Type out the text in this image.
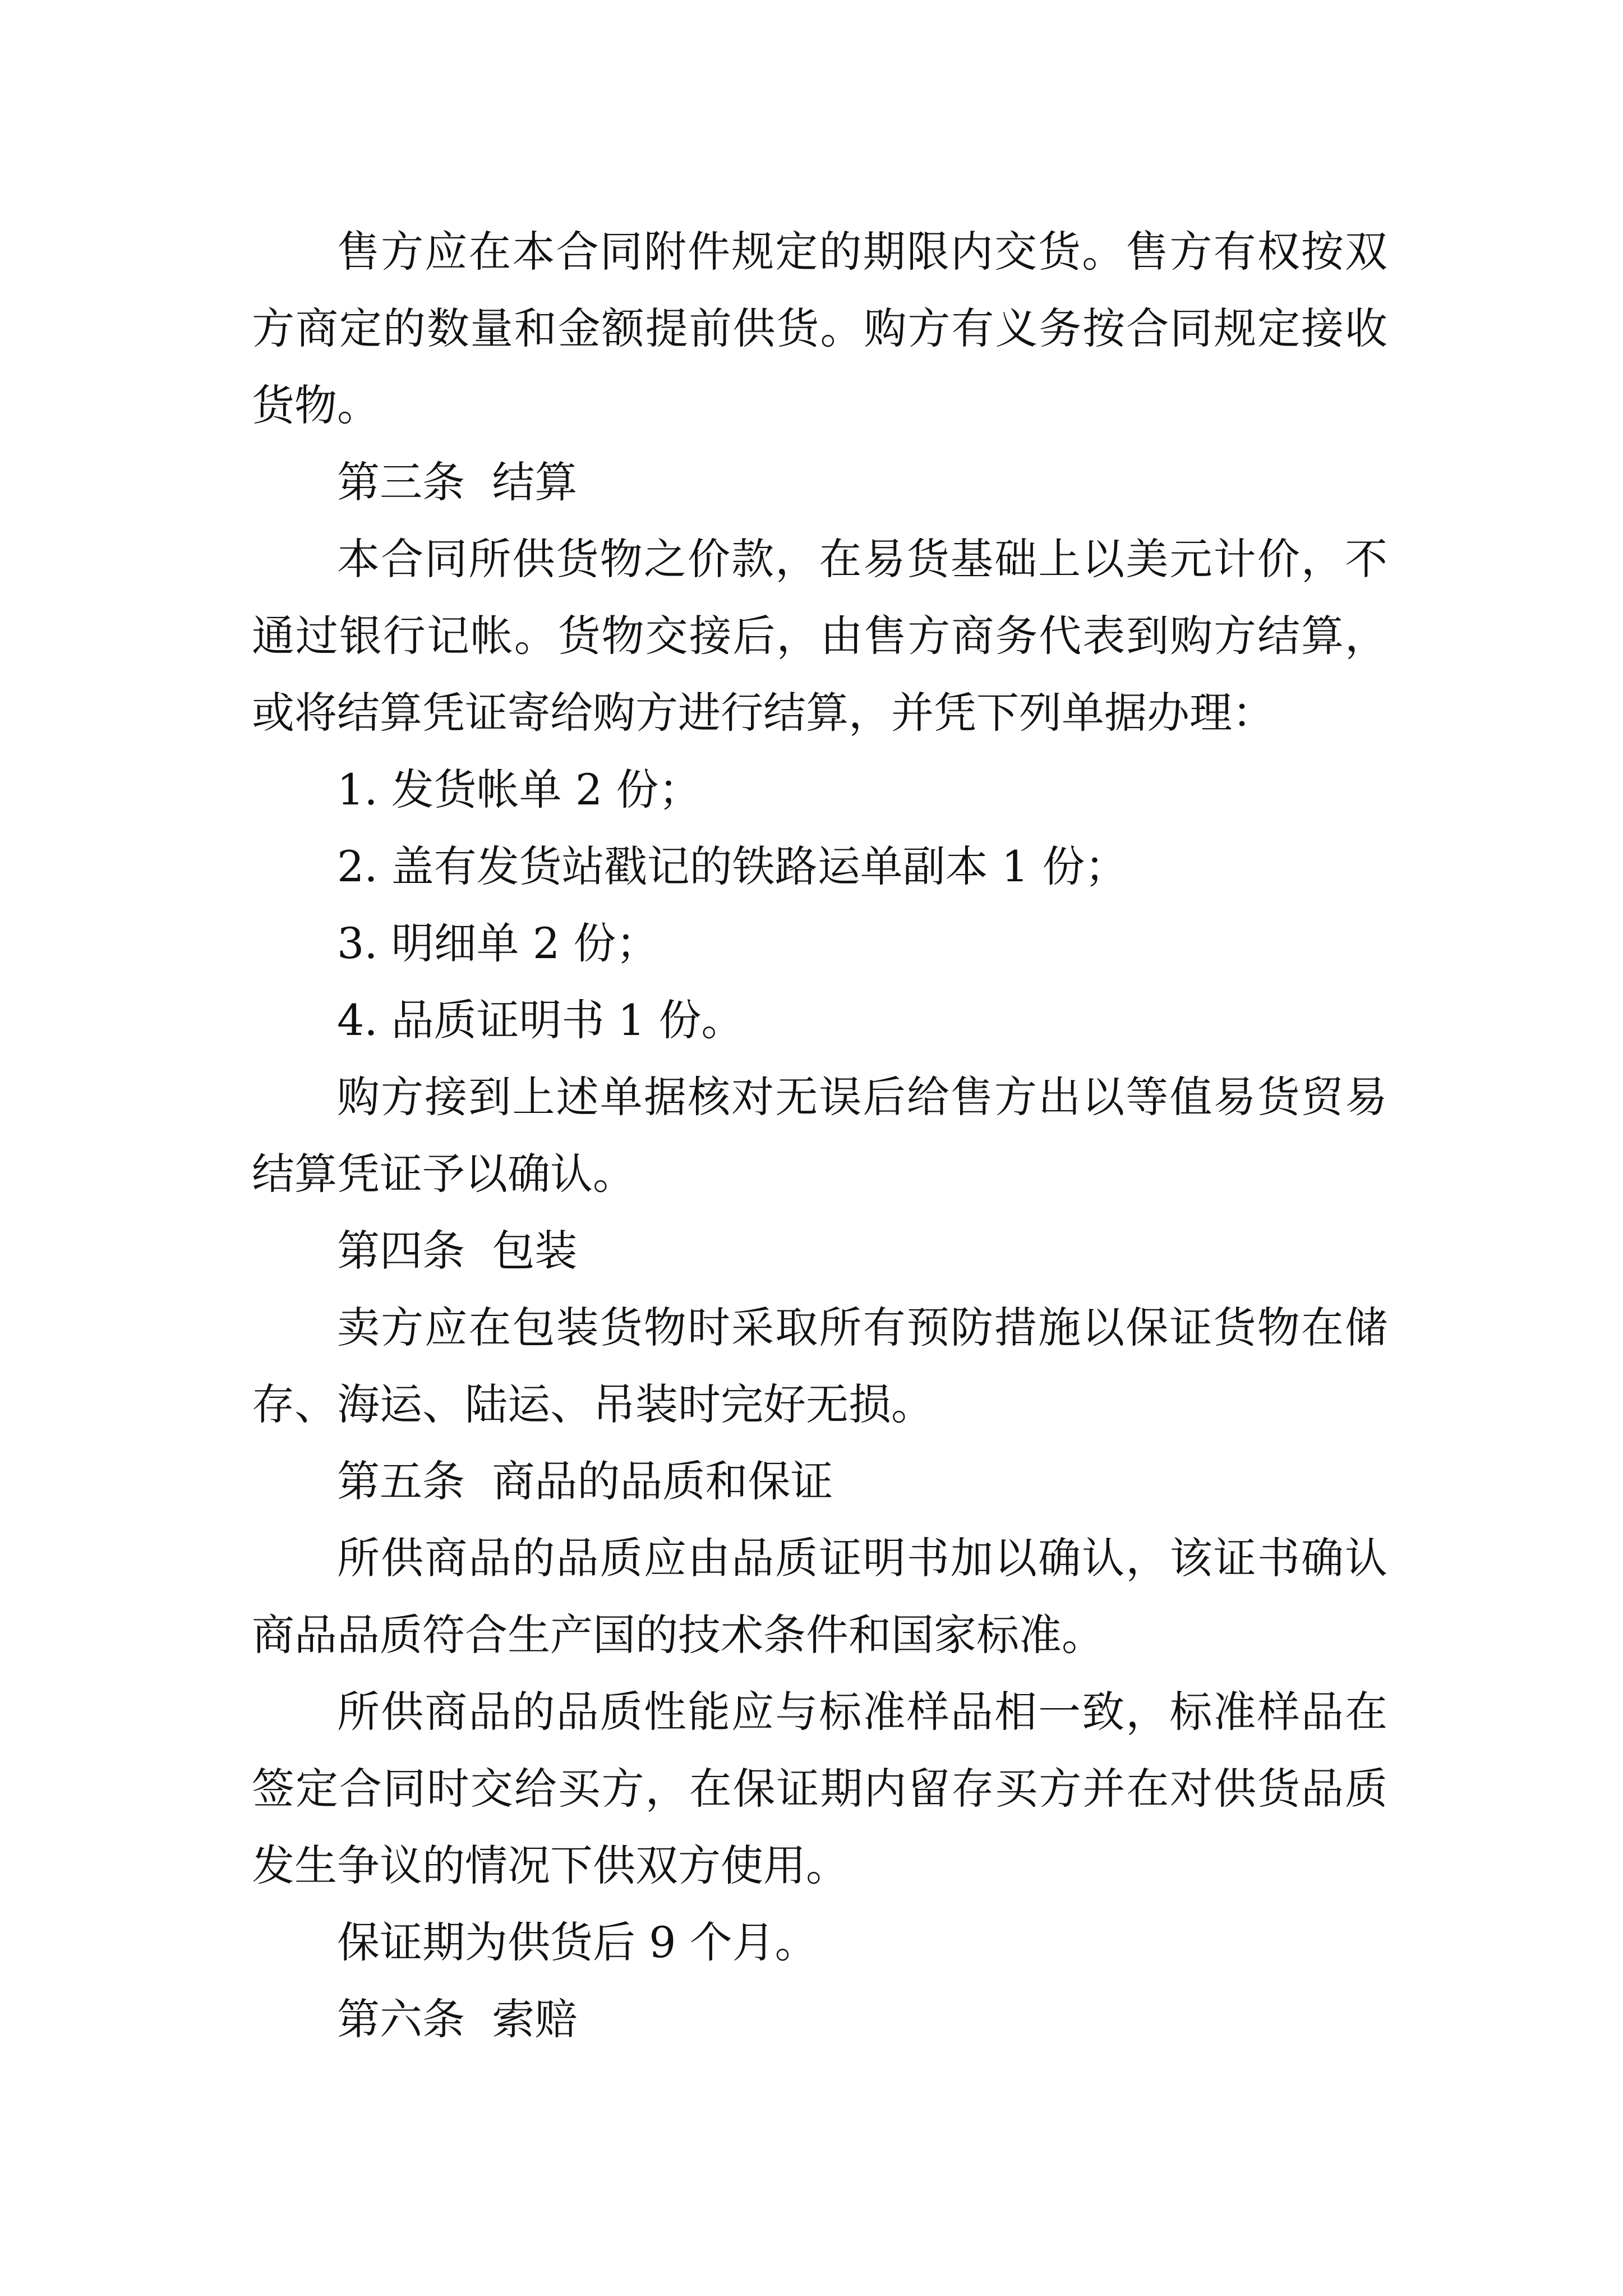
售方应在本合同附件规定的期限内交货。售方有权按双方商定的数量和金额提前供货。购方有义务按合同规定接收货物。

第三条  结算

本合同所供货物之价款，在易货基础上以美元计价，不通过银行记帐。货物交接后，由售方商务代表到购方结算，或将结算凭证寄给购方进行结算，并凭下列单据办理：

1. 发货帐单 2 份；

2. 盖有发货站戳记的铁路运单副本 1 份；

3. 明细单 2 份；

4. 品质证明书 1 份。

购方接到上述单据核对无误后给售方出以等值易货贸易结算凭证予以确认。

第四条  包装

卖方应在包装货物时采取所有预防措施以保证货物在储存、海运、陆运、吊装时完好无损。

第五条  商品的品质和保证

所供商品的品质应由品质证明书加以确认，该证书确认商品品质符合生产国的技术条件和国家标准。

所供商品的品质性能应与标准样品相一致，标准样品在签定合同时交给买方，在保证期内留存买方并在对供货品质发生争议的情况下供双方使用。

保证期为供货后 9 个月。

第六条  索赔
